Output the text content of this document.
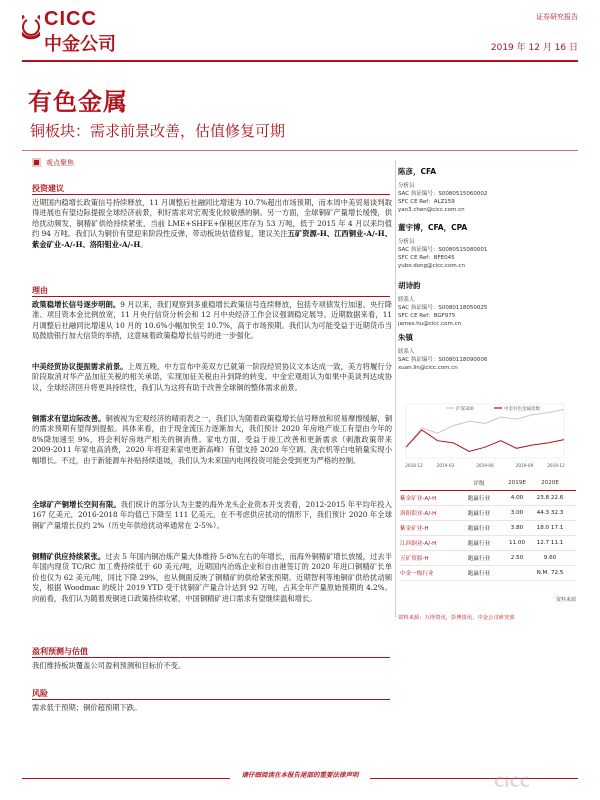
CICC
中金公司
证券研究报告
2019 年 12 月 16 日
有色金属
铜板块：需求前景改善，估值修复可期
观点聚焦
投资建议
近期国内稳增长政策信号持续释放，11 月调整后社融同比增速为 10.7%超出市场预期，而本周中美贸易谈判取得进展也有望边际提振全球经济前景，利好需求对宏观变化较敏感的铜。另一方面，全球铜矿产量增长缓慢，供给扰动频发，铜精矿供给持续紧张，当前 LME+SHFE+保税区库存为 53 万吨，低于 2015 年 4 月以来均值约 94 万吨。我们认为铜价有望迎来阶段性反弹，带动板块估值修复，建议关注五矿资源-H、江西铜业-A/-H、紫金矿业-A/-H、洛阳钼业-A/-H。
理由
政策稳增长信号逐步明朗。9 月以来，我们观察到多重稳增长政策信号连续释放，包括专项债发行加速、央行降准、项目资本金比例放宽，11 月央行信贷分析会和 12 月中央经济工作会议强调稳定展导。近期数据来看，11 月调整后社融同比增速从 10 月的 10.6%小幅加快至 10.7%，高于市场预期。我们认为可能受益于近期货币当局鼓励银行加大信贷的举措，这意味着政策稳增长信号的进一步强化。
中美经贸协议提振需求前景。上周五晚，中方宣布中美双方已就第一阶段经贸协议文本达成一致，美方将履行分阶段取消对华产品加征关税的相关承诺，实现加征关税由升到降的转变。中金宏观组认为如果中美谈判达成协议，全球经济回升将更具持续性，我们认为这将有助于改善全球铜的整体需求前景。
铜需求有望边际改善。铜被视为宏观经济的晴雨表之一，我们认为随着政策稳增长信号释放和贸易摩擦缓解，铜的需求预期有望得到提振。具体来看，由于现金流压力逐渐加大，我们预计 2020 年房地产竣工有望由今年的 8%降加速至 9%，将会利好房地产相关的铜消费。家电方面，受益于竣工改善和更新需求（刺激政策带来 2009-2011 年家电高消费，2020 年将迎来家电更新高峰）有望支持 2020 年空调、洗衣机等白电销量实现小幅增长。不过，由于新能源车补贴持续退坡，我们认为未来国内电网投资可能会受到更为严格的控制。
全球矿产铜增长空间有限。我们统计的部分认为主要的海外龙头企业资本开支表看，2012-2015 年平均年投入 167 亿美元，2016-2018 年均值已下降至 111 亿美元，在不考虑供应扰动的情形下，我们预计 2020 年全球铜矿产量增长仅约 2%（历史年供给扰动率通常在 2-5%）。
铜精矿供应持续紧张。过去 5 年国内铜冶炼产量大体维持 5-8%左右的年增长，而海外铜精矿增长放缓，过去半年国内现货 TC/RC 加工费持续低于 60 美元/吨，近期国内冶炼企业和自由港签订的 2020 年进口铜精矿长单价也仅为 62 美元/吨，同比下降 29%，也从侧面反映了铜精矿的供给紧张预期。近期智利等地铜矿供给扰动频发，根据 Woodmac 的统计 2019 YTD 受干扰铜矿产量合计达到 92 万吨，占其全年产量原始预期的 4.2%。向前看，我们认为随着废铜进口政策持续收紧，中国铜精矿进口需求有望继续温和增长。
盈利预测与估值
我们维持板块覆盖公司盈利预测和目标价不变。
风险
需求低于预期；铜价超预期下跌。
陈彦，CFA
分析员
SAC 执证编号：S0080515060002
SFC CE Ref：ALZ159
yan3.chen@cicc.com.cn
董宇博，CFA，CPA
分析员
SAC 执证编号：S0080515080001
SFC CE Ref：BFE045
yubo.dong@cicc.com.cn
胡诗韵
联系人
SAC 执证编号：S0080118050025
SFC CE Ref：BGF975
james.hu@cicc.com.cn
朱镇
联系人
SAC 执证编号：S0080118090006
xuan.lin@cicc.com.cn
沪深300	中金有色金属指数
2018-12	2019-03	2019-06	2019-09	2019-12
评级	2019E	2020E
紫金矿业-A/-H	跑赢行业	4.00	23.8 22.6
洛阳钼业-A/-H	跑赢行业	3.00	44.3 32.3
紫金矿业-H	跑赢行业	3.80	18.0 17.1
江西铜业-A/-H	跑赢行业	11.00	12.7 11.1
五矿资源-H	跑赢行业	2.50	9.60
中金一级行业	跑赢行业	N.M. 72.5
资料来源
资料来源：万得资讯，彭博资讯，中金公司研究部
请仔细阅读在本报告尾部的重要法律声明	CICC
